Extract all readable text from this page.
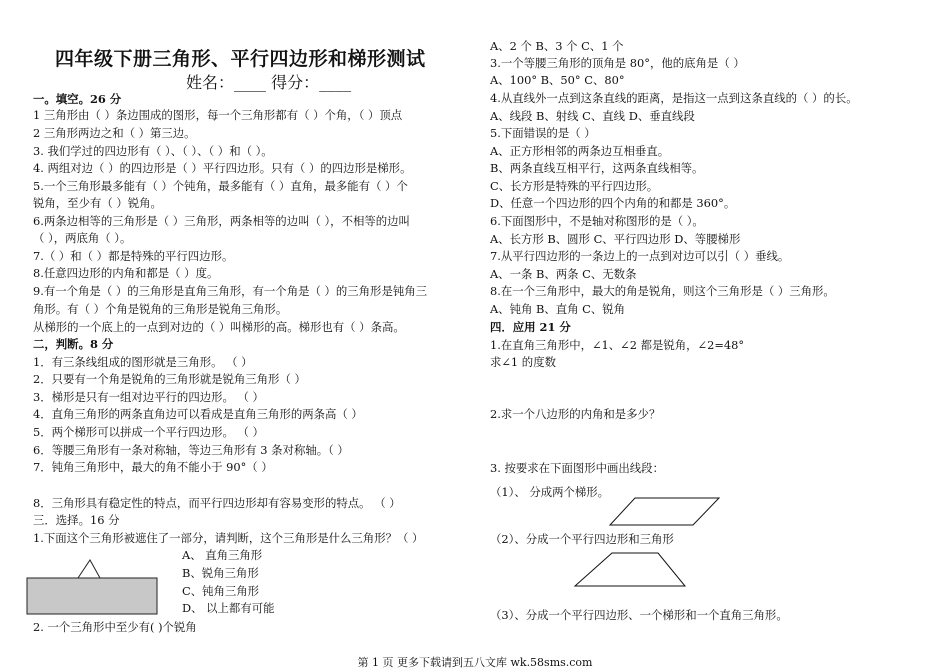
四年级下册三角形、平行四边形和梯形测试
姓名：____ 得分：____
一。填空。26 分
1 三角形由（ ）条边围成的图形，每一个三角形都有（ ）个角，（ ）顶点
2 三角形两边之和（ ）第三边。
3. 我们学过的四边形有（ ）、（ ）、（ ）和（ ）。
4. 两组对边（ ）的四边形是（ ）平行四边形。只有（ ）的四边形是梯形。
5.一个三角形最多能有（ ）个钝角，最多能有（ ）直角，最多能有（ ）个
锐角，至少有（ ）锐角。
6.两条边相等的三角形是（ ）三角形，两条相等的边叫（ ），不相等的边叫
（ ），两底角（ ）。
7.（ ）和（ ）都是特殊的平行四边形。
8.任意四边形的内角和都是（ ）度。
9.有一个角是（ ）的三角形是直角三角形，有一个角是（ ）的三角形是钝角三
角形。有（ ）个角是锐角的三角形是锐角三角形。
从梯形的一个底上的一点到对边的（ ）叫梯形的高。梯形也有（ ）条高。
二，判断。8 分
1．有三条线组成的图形就是三角形。 （ ）
2．只要有一个角是锐角的三角形就是锐角三角形（ ）
3．梯形是只有一组对边平行的四边形。 （ ）
4．直角三角形的两条直角边可以看成是直角三角形的两条高（ ）
5．两个梯形可以拼成一个平行四边形。 （ ）
6．等腰三角形有一条对称轴，等边三角形有 3 条对称轴。（ ）
7．钝角三角形中，最大的角不能小于 90°（ ）
8．三角形具有稳定性的特点，而平行四边形却有容易变形的特点。 （ ）
三．选择。16 分
1.下面这个三角形被遮住了一部分，请判断，这个三角形是什么三角形？（ ）
A、 直角三角形
B、锐角三角形
C、钝角三角形
D、 以上都有可能
2. 一个三角形中至少有( )个锐角
A、2 个 B、3 个 C、1 个
3.一个等腰三角形的顶角是 80°，他的底角是（ ）
A、100° B、50° C、80°
4.从直线外一点到这条直线的距离，是指这一点到这条直线的（ ）的长。
A、线段 B、射线 C、直线 D、垂直线段
5.下面错误的是（ ）
A、正方形相邻的两条边互相垂直。
B、两条直线互相平行，这两条直线相等。
C、长方形是特殊的平行四边形。
D、任意一个四边形的四个内角的和都是 360°。
6.下面图形中，不是轴对称图形的是（ ）。
A、长方形 B、圆形 C、平行四边形 D、等腰梯形
7.从平行四边形的一条边上的一点到对边可以引（ ）垂线。
A、一条 B、两条 C、无数条
8.在一个三角形中，最大的角是锐角，则这个三角形是（ ）三角形。
A、钝角 B、直角 C、锐角
四．应用 21 分
1.在直角三角形中，∠1、∠2 都是锐角，∠2=48°
求∠1 的度数
2.求一个八边形的内角和是多少？
3. 按要求在下面图形中画出线段：
（1）、 分成两个梯形。
（2）、分成一个平行四边形和三角形
（3）、分成一个平行四边形、一个梯形和一个直角三角形。
第 1 页 更多下载请到五八文库 wk.58sms.com
